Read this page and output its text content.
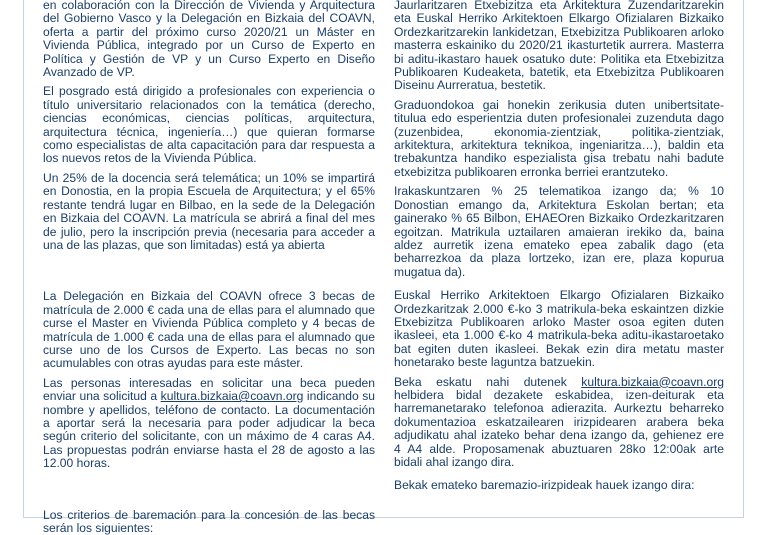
en colaboración con la Dirección de Vivienda y Arquitectura del Gobierno Vasco y la Delegación en Bizkaia del COAVN, oferta a partir del próximo curso 2020/21 un Máster en Vivienda Pública, integrado por un Curso de Experto en Política y Gestión de VP y un Curso Experto en Diseño Avanzado de VP.

El posgrado está dirigido a profesionales con experiencia o título universitario relacionados con la temática (derecho, ciencias económicas, ciencias políticas, arquitectura, arquitectura técnica, ingeniería…) que quieran formarse como especialistas de alta capacitación para dar respuesta a los nuevos retos de la Vivienda Pública.

Un 25% de la docencia será telemática; un 10% se impartirá en Donostia, en la propia Escuela de Arquitectura; y el 65% restante tendrá lugar en Bilbao, en la sede de la Delegación en Bizkaia del COAVN. La matrícula se abrirá a final del mes de julio, pero la inscripción previa (necesaria para acceder a una de las plazas, que son limitadas) está ya abierta

La Delegación en Bizkaia del COAVN ofrece 3 becas de matrícula de 2.000 € cada una de ellas para el alumnado que curse el Master en Vivienda Pública completo y 4 becas de matrícula de 1.000 € cada una de ellas para el alumnado que curse uno de los Cursos de Experto. Las becas no son acumulables con otras ayudas para este máster.

Las personas interesadas en solicitar una beca pueden enviar una solicitud a kultura.bizkaia@coavn.org indicando su nombre y apellidos, teléfono de contacto. La documentación a aportar será la necesaria para poder adjudicar la beca según criterio del solicitante, con un máximo de 4 caras A4. Las propuestas podrán enviarse hasta el 28 de agosto a las 12.00 horas.

Los criterios de baremación para la concesión de las becas serán los siguientes:

Jaurlaritzaren Etxebizitza eta Arkitektura Zuzendaritzarekin eta Euskal Herriko Arkitektoen Elkargo Ofizialaren Bizkaiko Ordezkaritzarekin lankidetzan, Etxebizitza Publikoaren arloko masterra eskainiko du 2020/21 ikasturtetik aurrera. Masterra bi aditu-ikastaro hauek osatuko dute: Politika eta Etxebizitza Publikoaren Kudeaketa, batetik, eta Etxebizitza Publikoaren Diseinu Aurreratua, bestetik.

Graduondokoa gai honekin zerikusia duten unibertsitate-titulua edo esperientzia duten profesionalei zuzenduta dago (zuzenbidea, ekonomia-zientziak, politika-zientziak, arkitektura, arkitektura teknikoa, ingeniaritza…), baldin eta trebakuntza handiko espezialista gisa trebatu nahi badute etxebizitza publikoaren erronka berriei erantzuteko.

Irakaskuntzaren % 25 telematikoa izango da; % 10 Donostian emango da, Arkitektura Eskolan bertan; eta gainerako % 65 Bilbon, EHAEOren Bizkaiko Ordezkaritzaren egoitzan. Matrikula uztailaren amaieran irekiko da, baina aldez aurretik izena emateko epea zabalik dago (eta beharrezkoa da plaza lortzeko, izan ere, plaza kopurua mugatua da).

Euskal Herriko Arkitektoen Elkargo Ofizialaren Bizkaiko Ordezkaritzak 2.000 €-ko 3 matrikula-beka eskaintzen dizkie Etxebizitza Publikoaren arloko Master osoa egiten duten ikasleei, eta 1.000 €-ko 4 matrikula-beka aditu-ikastaroetako bat egiten duten ikasleei. Bekak ezin dira metatu master honetarako beste laguntza batzuekin.

Beka eskatu nahi dutenek kultura.bizkaia@coavn.org helbidera bidal dezakete eskabidea, izen-deiturak eta harremanetarako telefonoa adierazita. Aurkeztu beharreko dokumentazioa eskatzailearen irizpidearen arabera beka adjudikatu ahal izateko behar dena izango da, gehienez ere 4 A4 alde. Proposamenak abuztuaren 28ko 12:00ak arte bidali ahal izango dira.

Bekak emateko baremazio-irizpideak hauek izango dira:
